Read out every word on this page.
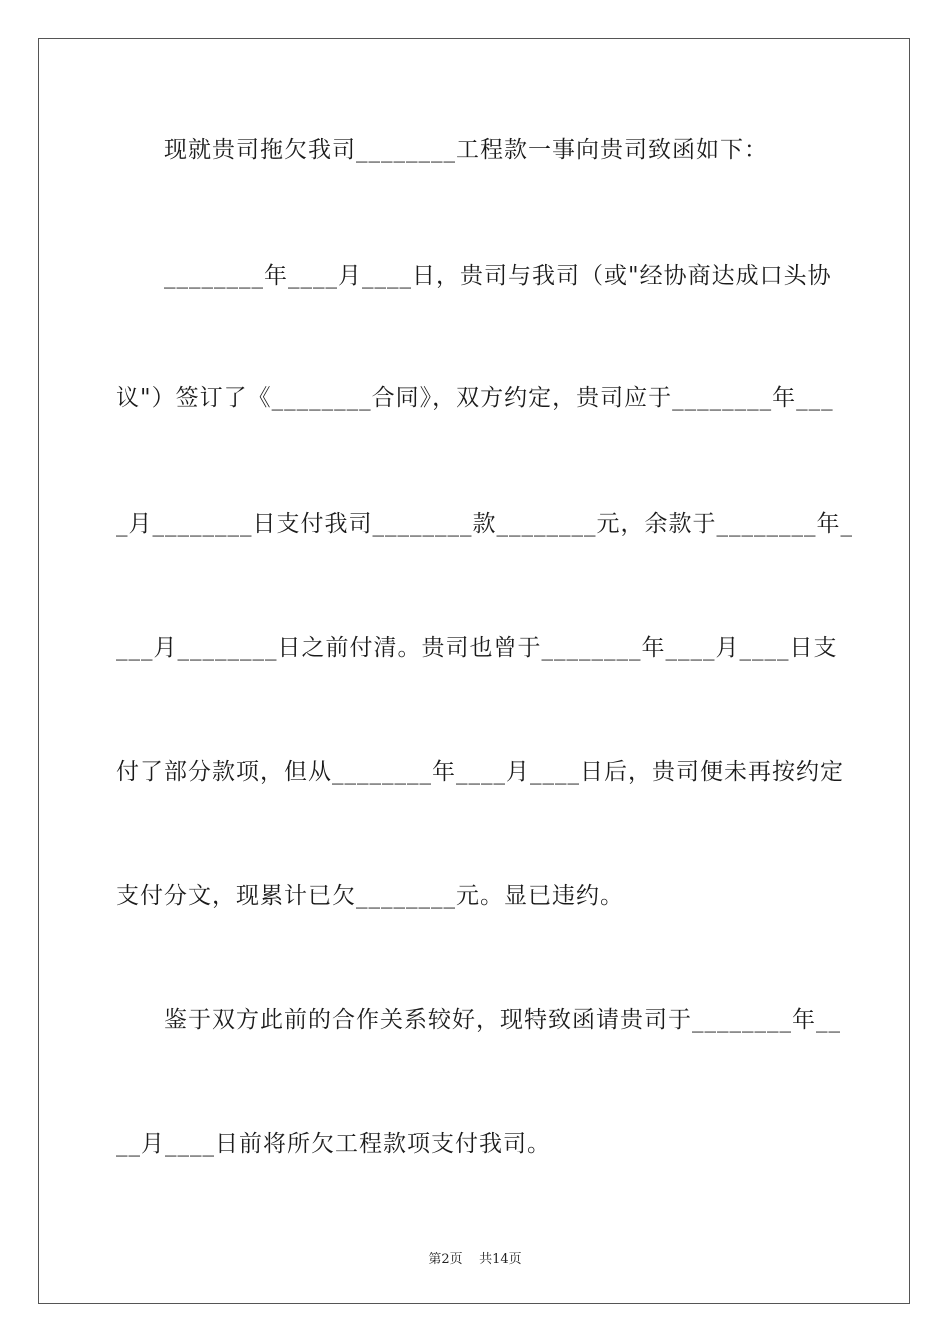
现就贵司拖欠我司________工程款一事向贵司致函如下：
________年____月____日，贵司与我司（或"经协商达成口头协
议"）签订了《________合同》，双方约定，贵司应于________年___
_月________日支付我司________款________元，余款于________年_
___月________日之前付清。贵司也曾于________年____月____日支
付了部分款项，但从________年____月____日后，贵司便未再按约定
支付分文，现累计已欠________元。显已违约。
鉴于双方此前的合作关系较好，现特致函请贵司于________年__
__月____日前将所欠工程款项支付我司。
第2页    共14页
